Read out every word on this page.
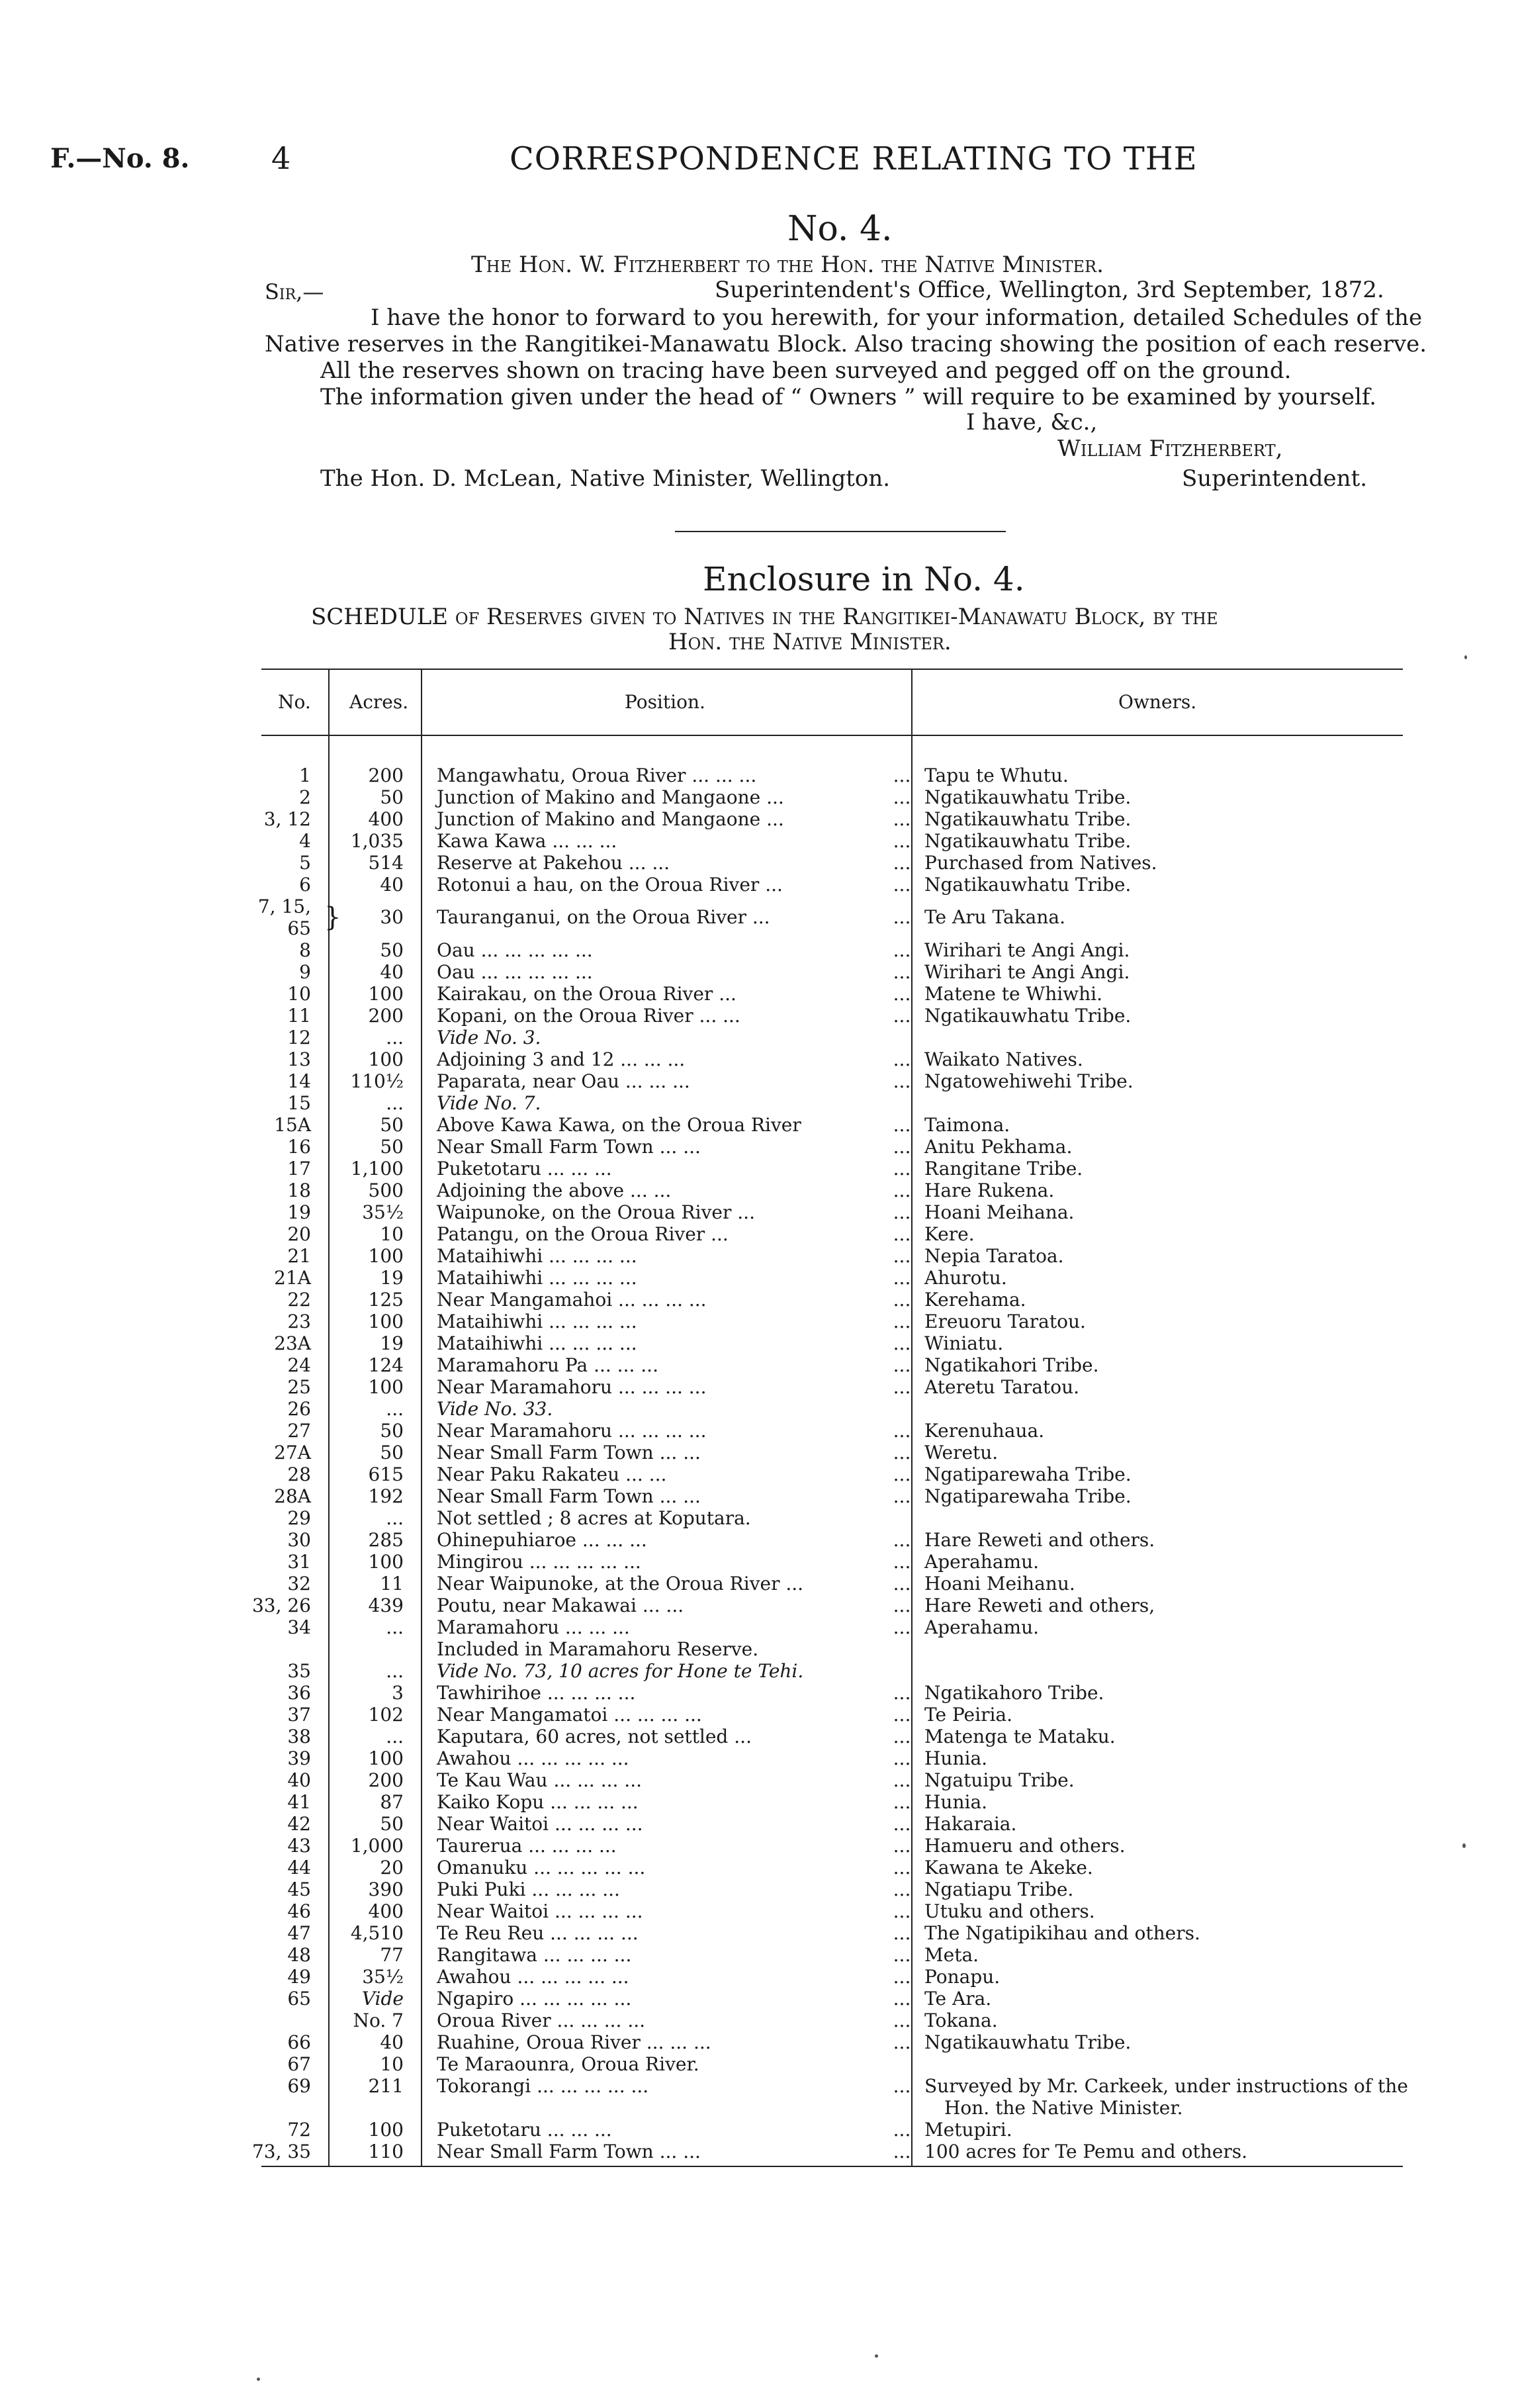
F.—No. 8.	4	CORRESPONDENCE RELATING TO THE
No. 4.
The Hon. W. Fitzherbert to the Hon. the Native Minister.
Sir,—	Superintendent's Office, Wellington, 3rd September, 1872.
I have the honor to forward to you herewith, for your information, detailed Schedules of the
Native reserves in the Rangitikei-Manawatu Block. Also tracing showing the position of each reserve.
All the reserves shown on tracing have been surveyed and pegged off on the ground.
The information given under the head of “ Owners ” will require to be examined by yourself.
I have, &c.,
William Fitzherbert,
The Hon. D. McLean, Native Minister, Wellington.	Superintendent.
Enclosure in No. 4.
SCHEDULE of Reserves given to Natives in the Rangitikei-Manawatu Block, by the
Hon. the Native Minister.
No. Acres.	Position.	Owners.
1	200 Mangawhatu, Oroua River ... ... ...	... Tapu te Whutu.
2	50 Junction of Makino and Mangaone ...	... Ngatikauwhatu Tribe.
3, 12	400 Junction of Makino and Mangaone ...	... Ngatikauwhatu Tribe.
4	1,035 Kawa Kawa ... ... ...	... Ngatikauwhatu Tribe.
5	514 Reserve at Pakehou ... ...	... Purchased from Natives.
6	40 Rotonui a hau, on the Oroua River ...	... Ngatikauwhatu Tribe.
7, 15,
65 }	30 Tauranganui, on the Oroua River ...	... Te Aru Takana.
8	50 Oau ... ... ... ... ...	... Wirihari te Angi Angi.
9	40 Oau ... ... ... ... ...	... Wirihari te Angi Angi.
10	100 Kairakau, on the Oroua River ...	... Matene te Whiwhi.
11	200 Kopani, on the Oroua River ... ...	... Ngatikauwhatu Tribe.
12	... Vide No. 3.
13	100 Adjoining 3 and 12 ... ... ...	... Waikato Natives.
14	110½ Paparata, near Oau ... ... ...	... Ngatowehiwehi Tribe.
15	... Vide No. 7.
15A	50 Above Kawa Kawa, on the Oroua River	... Taimona.
16	50 Near Small Farm Town ... ...	... Anitu Pekhama.
17	1,100 Puketotaru ... ... ...	... Rangitane Tribe.
18	500 Adjoining the above ... ...	... Hare Rukena.
19	35½ Waipunoke, on the Oroua River ...	... Hoani Meihana.
20	10 Patangu, on the Oroua River ...	... Kere.
21	100 Mataihiwhi ... ... ... ...	... Nepia Taratoa.
21A	19 Mataihiwhi ... ... ... ...	... Ahurotu.
22	125 Near Mangamahoi ... ... ... ...	... Kerehama.
23	100 Mataihiwhi ... ... ... ...	... Ereuoru Taratou.
23A	19 Mataihiwhi ... ... ... ...	... Winiatu.
24	124 Maramahoru Pa ... ... ...	... Ngatikahori Tribe.
25	100 Near Maramahoru ... ... ... ...	... Ateretu Taratou.
26	... Vide No. 33.
27	50 Near Maramahoru ... ... ... ...	... Kerenuhaua.
27A	50 Near Small Farm Town ... ...	... Weretu.
28	615 Near Paku Rakateu ... ...	... Ngatiparewaha Tribe.
28A	192 Near Small Farm Town ... ...	... Ngatiparewaha Tribe.
29	... Not settled ; 8 acres at Koputara.
30	285 Ohinepuhiaroe ... ... ...	... Hare Reweti and others.
31	100 Mingirou ... ... ... ... ...	... Aperahamu.
32	11 Near Waipunoke, at the Oroua River ...	... Hoani Meihanu.
33, 26	439 Poutu, near Makawai ... ...	... Hare Reweti and others,
34	... Maramahoru ... ... ...	... Aperahamu.
Included in Maramahoru Reserve.
35	... Vide No. 73, 10 acres for Hone te Tehi.
36	3 Tawhirihoe ... ... ... ...	... Ngatikahoro Tribe.
37	102 Near Mangamatoi ... ... ... ...	... Te Peiria.
38	... Kaputara, 60 acres, not settled ...	... Matenga te Mataku.
39	100 Awahou ... ... ... ... ...	... Hunia.
40	200 Te Kau Wau ... ... ... ...	... Ngatuipu Tribe.
41	87 Kaiko Kopu ... ... ... ...	... Hunia.
42	50 Near Waitoi ... ... ... ...	... Hakaraia.
43	1,000 Taurerua ... ... ... ...	... Hamueru and others.
44	20 Omanuku ... ... ... ... ...	... Kawana te Akeke.
45	390 Puki Puki ... ... ... ...	... Ngatiapu Tribe.
46	400 Near Waitoi ... ... ... ...	... Utuku and others.
47	4,510 Te Reu Reu ... ... ... ...	... The Ngatipikihau and others.
48	77 Rangitawa ... ... ... ...	... Meta.
49	35½ Awahou ... ... ... ... ...	... Ponapu.
65	Vide Ngapiro ... ... ... ... ...	... Te Ara.
No. 7 Oroua River ... ... ... ...	... Tokana.
66	40 Ruahine, Oroua River ... ... ...	... Ngatikauwhatu Tribe.
67	10 Te Maraounra, Oroua River.
69	211 Tokorangi ... ... ... ... ...	... Surveyed by Mr. Carkeek, under instructions of the
Hon. the Native Minister.
72	100 Puketotaru ... ... ...	... Metupiri.
73, 35	110 Near Small Farm Town ... ...	... 100 acres for Te Pemu and others.
